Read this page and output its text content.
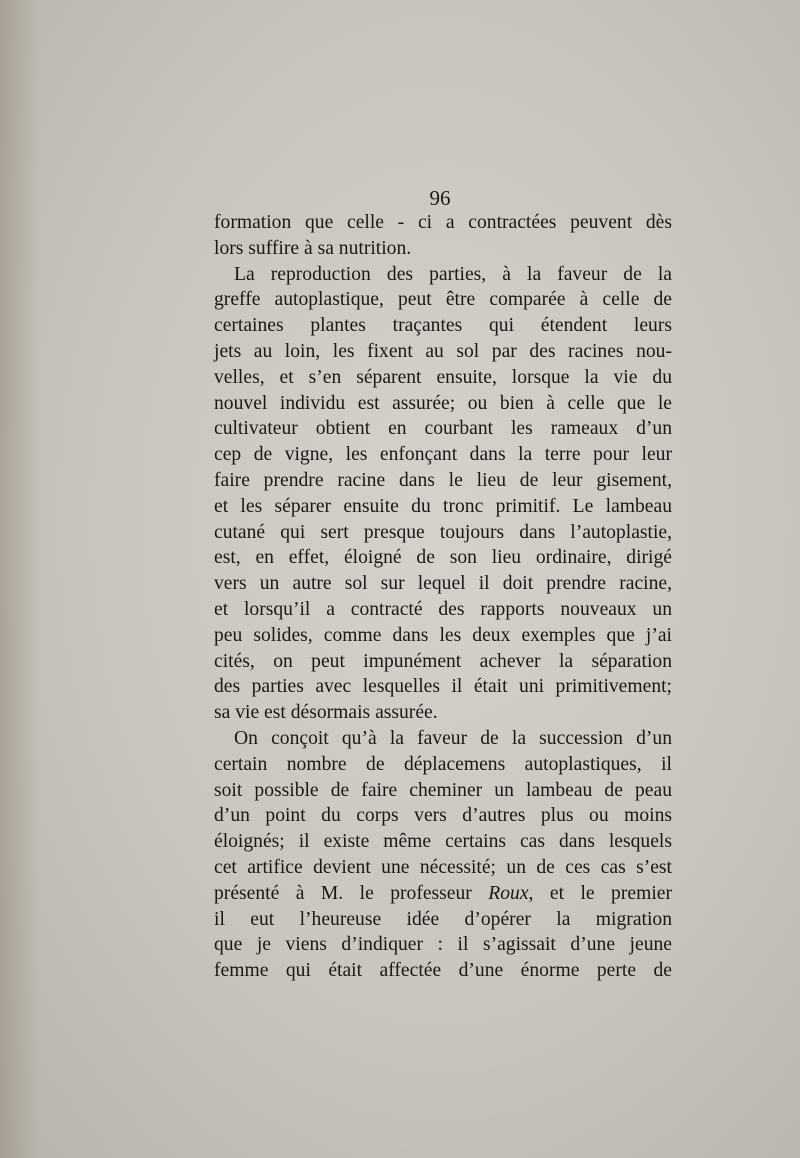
96
formation que celle - ci a contractées peuvent dès
lors suffire à sa nutrition.
La reproduction des parties, à la faveur de la
greffe autoplastique, peut être comparée à celle de
certaines plantes traçantes qui étendent leurs
jets au loin, les fixent au sol par des racines nou-
velles, et s’en séparent ensuite, lorsque la vie du
nouvel individu est assurée; ou bien à celle que le
cultivateur obtient en courbant les rameaux d’un
cep de vigne, les enfonçant dans la terre pour leur
faire prendre racine dans le lieu de leur gisement,
et les séparer ensuite du tronc primitif. Le lambeau
cutané qui sert presque toujours dans l’autoplastie,
est, en effet, éloigné de son lieu ordinaire, dirigé
vers un autre sol sur lequel il doit prendre racine,
et lorsqu’il a contracté des rapports nouveaux un
peu solides, comme dans les deux exemples que j’ai
cités, on peut impunément achever la séparation
des parties avec lesquelles il était uni primitivement;
sa vie est désormais assurée.
On conçoit qu’à la faveur de la succession d’un
certain nombre de déplacemens autoplastiques, il
soit possible de faire cheminer un lambeau de peau
d’un point du corps vers d’autres plus ou moins
éloignés; il existe même certains cas dans lesquels
cet artifice devient une nécessité; un de ces cas s’est
présenté à M. le professeur Roux, et le premier
il eut l’heureuse idée d’opérer la migration
que je viens d’indiquer : il s’agissait d’une jeune
femme qui était affectée d’une énorme perte de
